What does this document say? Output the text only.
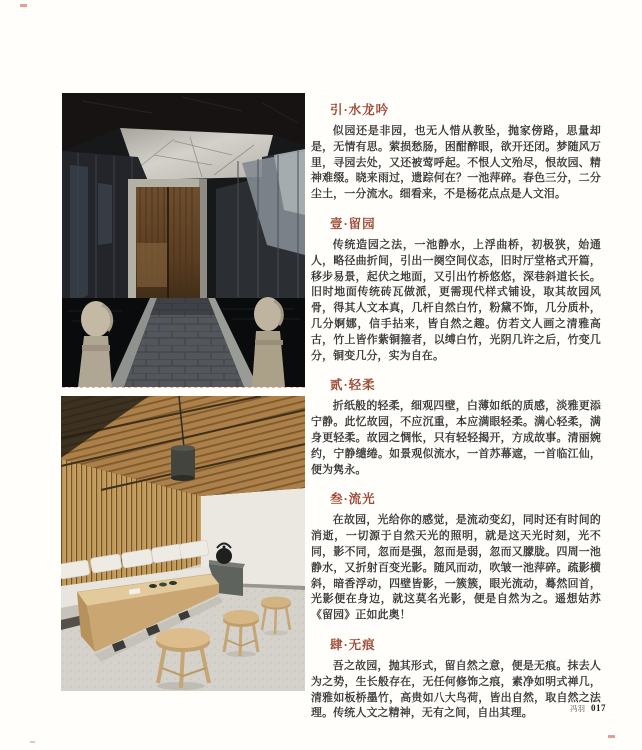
引·水龙吟

似园还是非园，也无人惜从教坠，抛家傍路，思量却是，无情有思。萦损愁肠，困酣醉眼，欲开还闭。梦随风万里，寻园去处，又还被莺呼起。不恨人文殆尽，恨故园、精神难缀。晓来雨过，遗踪何在？一池萍碎。春色三分，二分尘土，一分流水。细看来，不是杨花点点是人文泪。

壹·留园

传统造园之法，一池静水，上浮曲桥，初极狭，始通人，略径曲折间，引出一阕空间仪态，旧时厅堂格式开篇，移步易景，起伏之地面，又引出竹桥悠悠，深巷斜道长长。旧时地面传统砖瓦做派，更需现代样式铺设，取其故园风骨，得其人文本真，几杆自然白竹，粉黛不饰，几分质朴，几分婀娜，信手拈来，皆自然之趣。仿若文人画之清雅高古，竹上皆作紫铜箍者，以缚白竹，光阴几许之后，竹变几分，铜变几分，实为自在。

贰·轻柔

折纸般的轻柔，细观四壁，白薄如纸的质感，淡雅更添宁静。此忆故园，不应沉重，本应满眼轻柔。满心轻柔，满身更轻柔。故园之惆怅，只有轻轻揭开，方成故事。清丽婉约，宁静缱绻。如景观似流水，一首苏幕遮，一首临江仙，便为隽永。

叁·流光

在故园，光给你的感觉，是流动变幻，同时还有时间的消逝，一切源于自然天光的照明，就是这天光时刻，光不同，影不同，忽而是强，忽而是弱，忽而又朦胧。四周一池静水，又折射百变光影。随风而动，吹皱一池萍碎。疏影横斜，暗香浮动，四壁皆影，一簇簇，眼光流动，蓦然回首，光影便在身边，就这莫名光影，便是自然为之。遥想姑苏《留园》正如此奥！

肆·无痕

吾之故园，抛其形式，留自然之意，便是无痕。抹去人为之势，生长般存在，无任何修饰之痕，素净如明式禅几，清雅如板桥墨竹，高贵如八大鸟荷，皆出自然，取自然之法理。传统人文之精神，无有之间，自出其理。	冯羽 017
